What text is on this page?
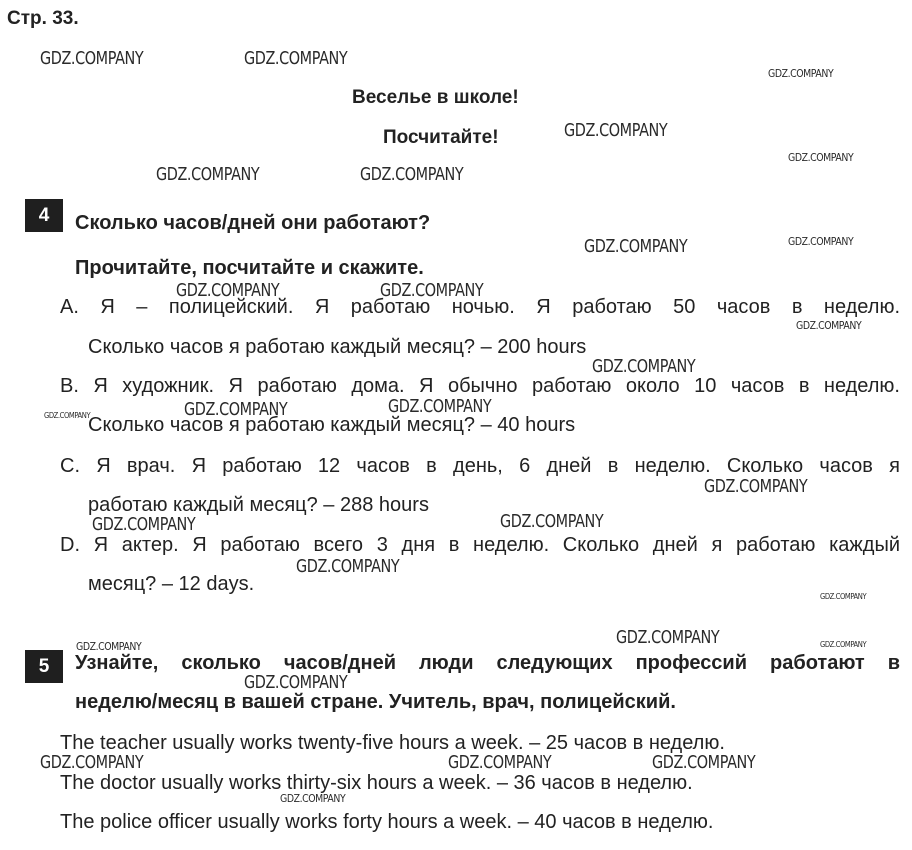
Стр. 33.
Веселье в школе!
Посчитайте!
4	Сколько часов/дней они работают?
Прочитайте, посчитайте и скажите.
A. Я – полицейский. Я работаю ночью. Я работаю 50 часов в неделю.
Сколько часов я работаю каждый месяц? – 200 hours
B. Я художник. Я работаю дома. Я обычно работаю около 10 часов в неделю.
Сколько часов я работаю каждый месяц? – 40 hours
C. Я врач. Я работаю 12 часов в день, 6 дней в неделю. Сколько часов я
работаю каждый месяц? – 288 hours
D. Я актер. Я работаю всего 3 дня в неделю. Сколько дней я работаю каждый
месяц? – 12 days.
5	Узнайте, сколько часов/дней люди следующих профессий работают в
неделю/месяц в вашей стране. Учитель, врач, полицейский.
The teacher usually works twenty-five hours a week. – 25 часов в неделю.
The doctor usually works thirty-six hours a week. – 36 часов в неделю.
The police officer usually works forty hours a week. – 40 часов в неделю.
GDZ.COMPANY	GDZ.COMPANY
GDZ.COMPANY
GDZ.COMPANY
GDZ.COMPANY
GDZ.COMPANY	GDZ.COMPANY
GDZ.COMPANY	GDZ.COMPANY
GDZ.COMPANY	GDZ.COMPANY
GDZ.COMPANY
GDZ.COMPANY
GDZ.COMPANY	GDZ.COMPANY	GDZ.COMPANY
GDZ.COMPANY
GDZ.COMPANY	GDZ.COMPANY
GDZ.COMPANY
GDZ.COMPANY
GDZ.COMPANY
GDZ.COMPANY	GDZ.COMPANY
GDZ.COMPANY
GDZ.COMPANY	GDZ.COMPANY	GDZ.COMPANY
GDZ.COMPANY
